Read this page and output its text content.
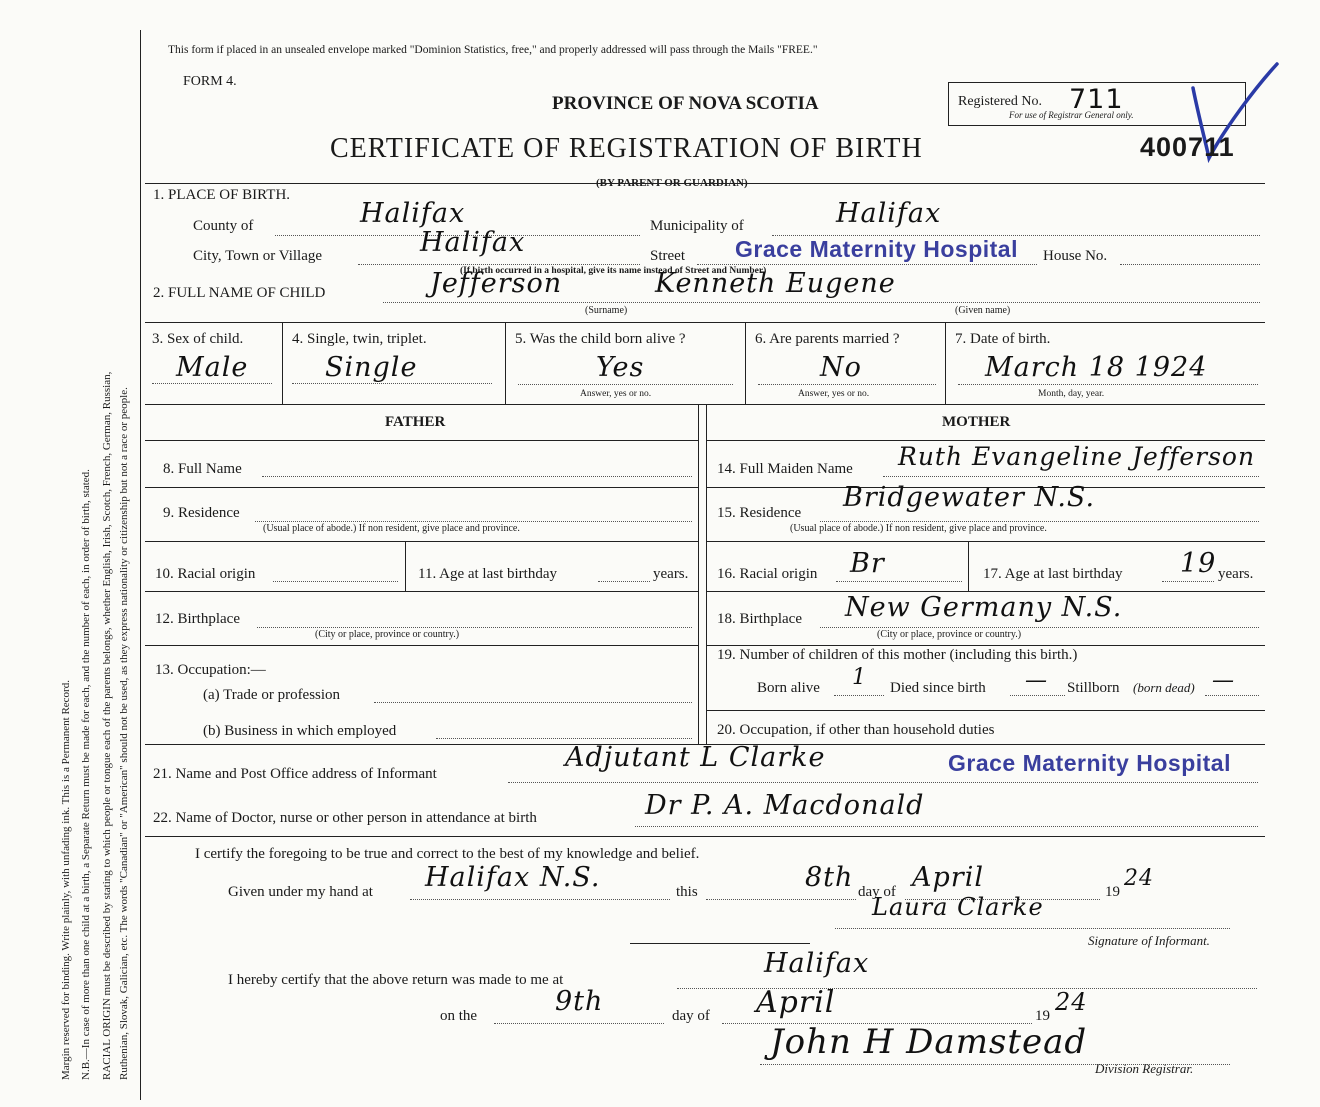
Margin reserved for binding. Write plainly, with unfading ink. This is a Permanent Record. N.B.—In case of more than one child at a birth, a Separate Return must be made for each, and the number of each, in order of birth, stated. RACIAL ORIGIN must be described by stating to which people or tongue each of the parents belongs, whether English, Irish, Scotch, French, German, Russian, Ruthenian, Slovak, Galician, etc. The words "Canadian" or "American" should not be used, as they express nationality or citizenship but not a race or people.
This form if placed in an unsealed envelope marked "Dominion Statistics, free," and properly addressed will pass through the Mails "FREE."
FORM 4.
PROVINCE OF NOVA SCOTIA
CERTIFICATE OF REGISTRATION OF BIRTH
(BY PARENT OR GUARDIAN)
Registered No. 711
For use of Registrar General only.
400711
1. PLACE OF BIRTH.
County of	Halifax	Municipality of	Halifax
City, Town or Village	Halifax	Street Grace Maternity Hospital House No.
(If birth occurred in a hospital, give its name instead of Street and Number)
2. FULL NAME OF CHILD	Jefferson	Kenneth Eugene
(Surname)	(Given name)
3. Sex of child.
Male
4. Single, twin, triplet.
Single
5. Was the child born alive ?
Yes
Answer, yes or no.
6. Are parents married ?
No
Answer, yes or no.
7. Date of birth.
March 18 1924
Month, day, year.
FATHER	MOTHER
8. Full Name
9. Residence
(Usual place of abode.) If non resident, give place and province.
10. Racial origin	11. Age at last birthday	years.
12. Birthplace
(City or place, province or country.)
13. Occupation:—
(a) Trade or profession
(b) Business in which employed
14. Full Maiden Name Ruth Evangeline Jefferson
15. Residence Bridgewater N.S.
(Usual place of abode.) If non resident, give place and province.
16. Racial origin Br	17. Age at last birthday 19 years.
18. Birthplace New Germany N.S.
(City or place, province or country.)
19. Number of children of this mother (including this birth.)
Born alive 1 Died since birth — Stillborn (born dead) —
20. Occupation, if other than household duties
21. Name and Post Office address of Informant
Adjutant L Clarke	Grace Maternity Hospital
22. Name of Doctor, nurse or other person in attendance at birth	Dr P. A. Macdonald
I certify the foregoing to be true and correct to the best of my knowledge and belief.
Given under my hand at Halifax N.S.	this	8th day of April	19
24
Laura Clarke
Signature of Informant.
I hereby certify that the above return was made to me at
Halifax
on the	9th	day of April	19 24
John H Damstead
Division Registrar.
